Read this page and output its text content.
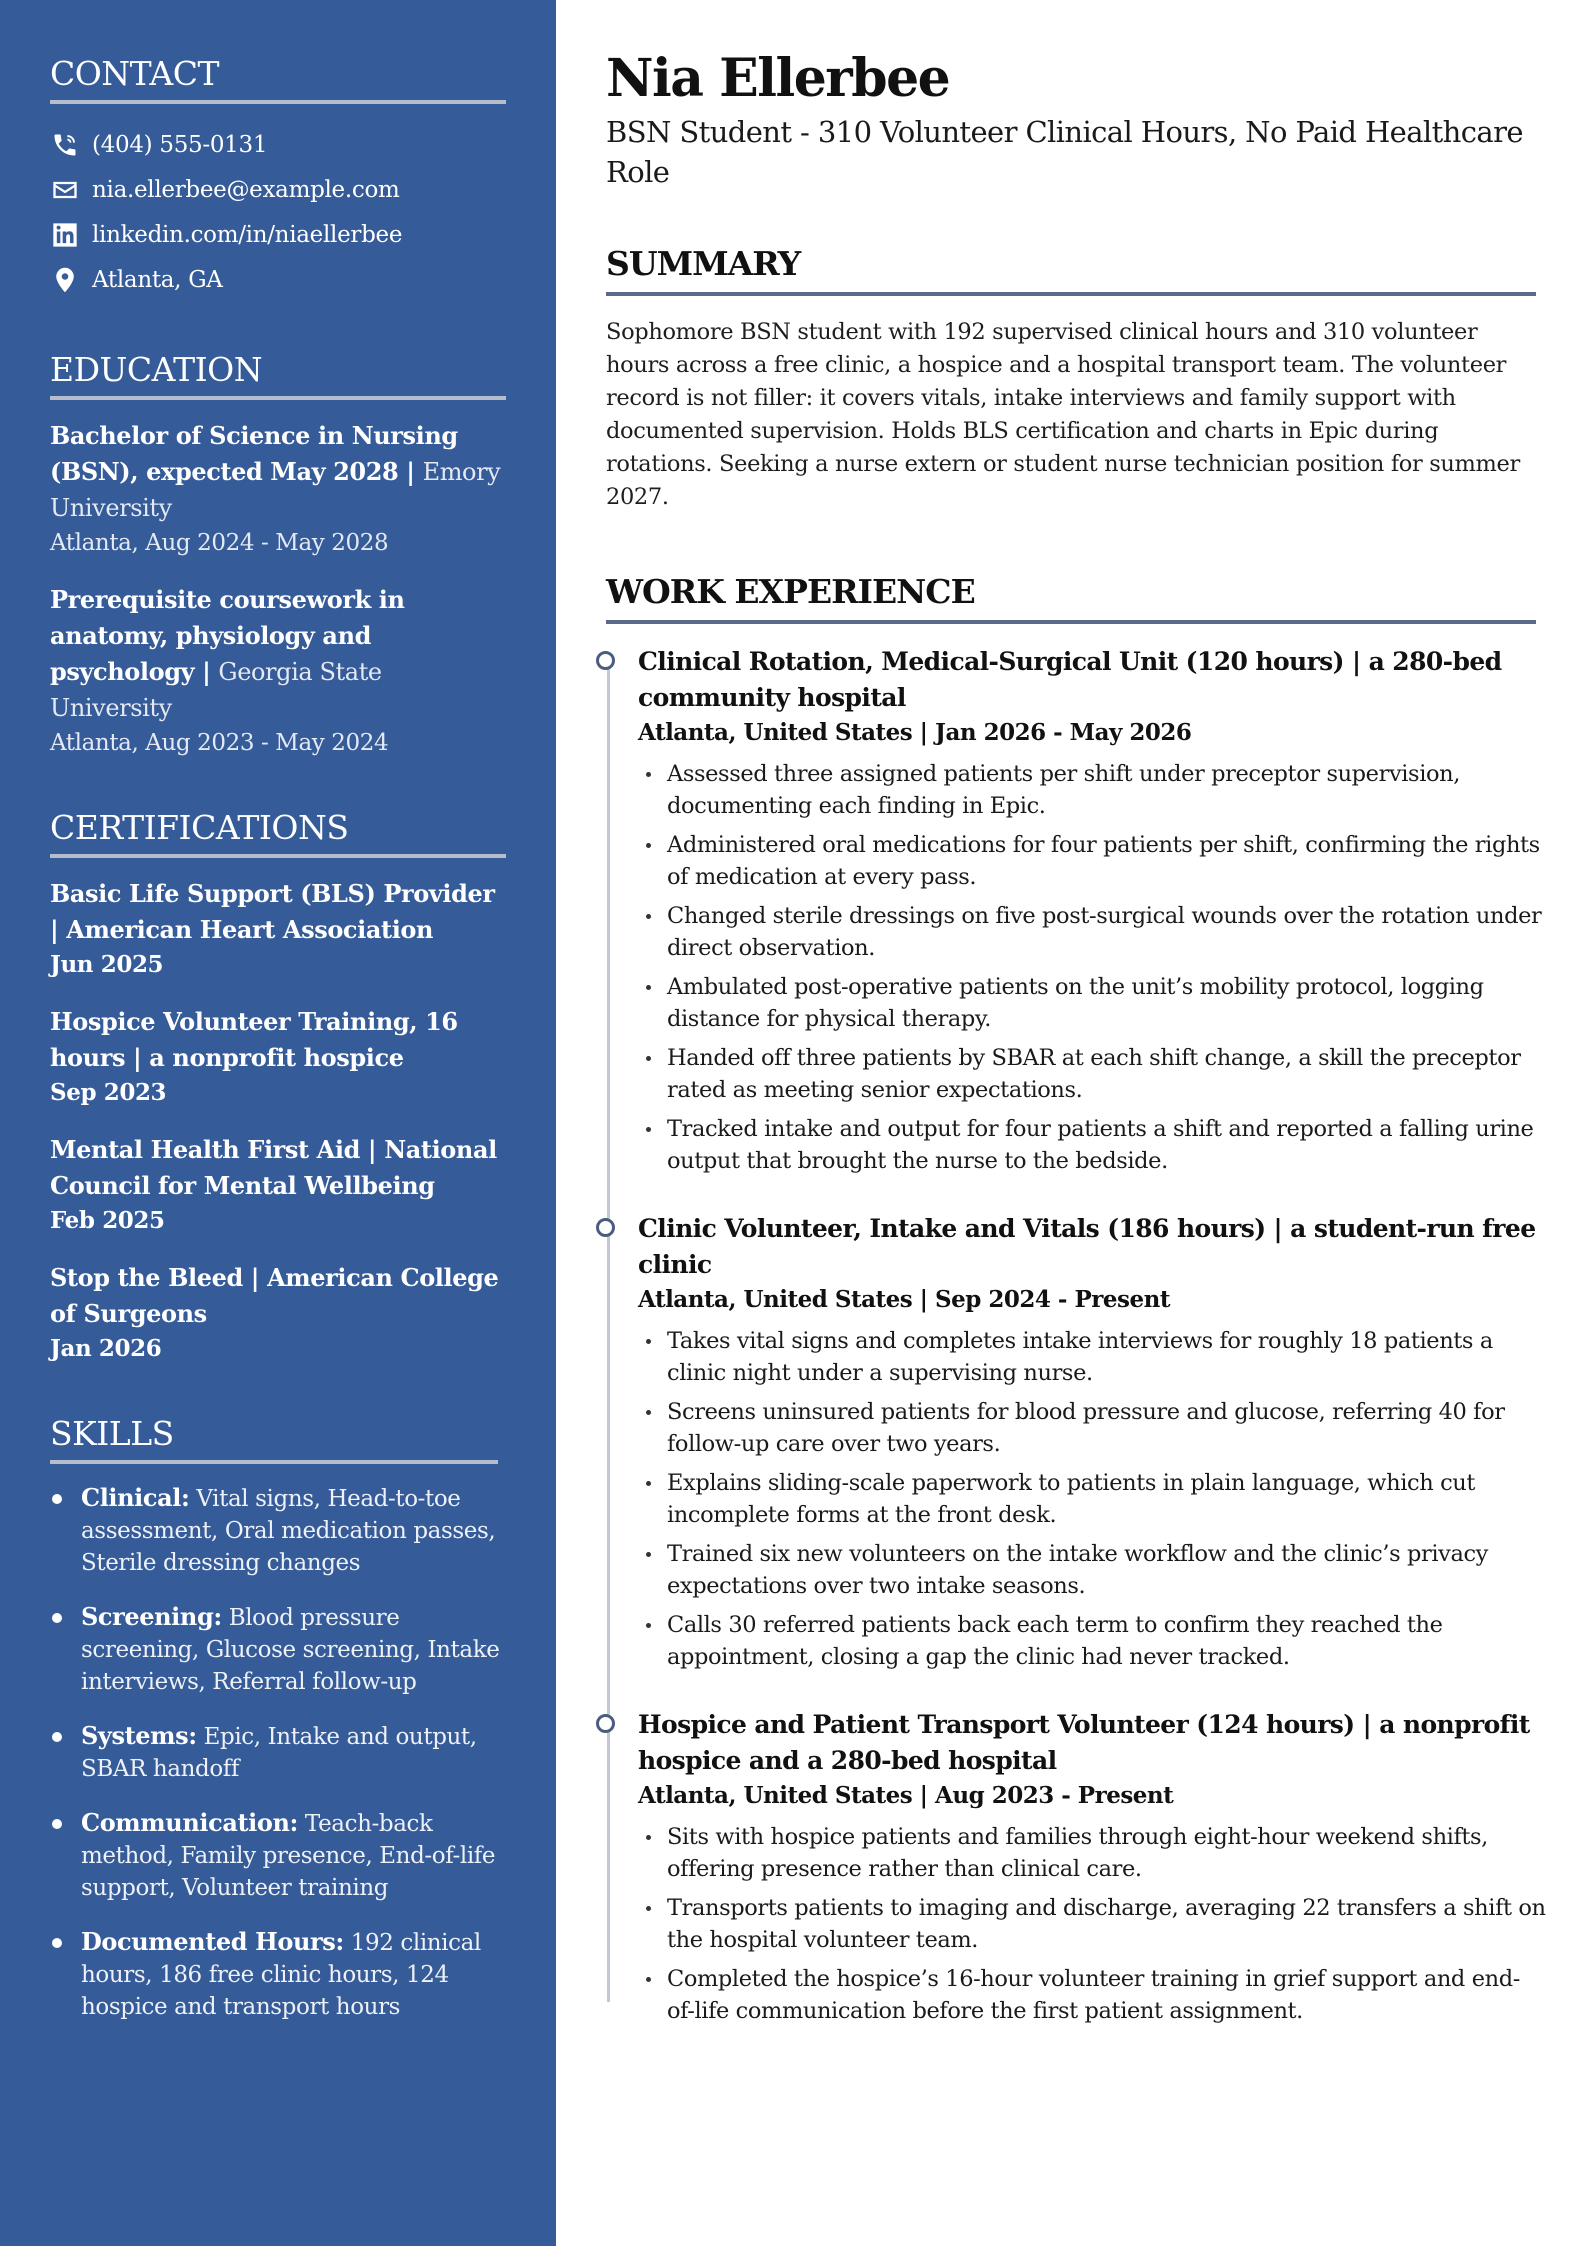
CONTACT
(404) 555-0131
nia.ellerbee@example.com
linkedin.com/in/niaellerbee
Atlanta, GA
EDUCATION
Bachelor of Science in Nursing (BSN), expected May 2028 | Emory University
Atlanta, Aug 2024 - May 2028
Prerequisite coursework in anatomy, physiology and psychology | Georgia State University
Atlanta, Aug 2023 - May 2024
CERTIFICATIONS
Basic Life Support (BLS) Provider | American Heart Association
Jun 2025
Hospice Volunteer Training, 16 hours | a nonprofit hospice
Sep 2023
Mental Health First Aid | National Council for Mental Wellbeing
Feb 2025
Stop the Bleed | American College of Surgeons
Jan 2026
SKILLS
Clinical: Vital signs, Head-to-toe assessment, Oral medication passes, Sterile dressing changes
Screening: Blood pressure screening, Glucose screening, Intake interviews, Referral follow-up
Systems: Epic, Intake and output, SBAR handoff
Communication: Teach-back method, Family presence, End-of-life support, Volunteer training
Documented Hours: 192 clinical hours, 186 free clinic hours, 124 hospice and transport hours
Nia Ellerbee
BSN Student - 310 Volunteer Clinical Hours, No Paid Healthcare Role
SUMMARY

Sophomore BSN student with 192 supervised clinical hours and 310 volunteer hours across a free clinic, a hospice and a hospital transport team. The volunteer record is not filler: it covers vitals, intake interviews and family support with documented supervision. Holds BLS certification and charts in Epic during rotations. Seeking a nurse extern or student nurse technician position for summer 2027.

WORK EXPERIENCE
Clinical Rotation, Medical-Surgical Unit (120 hours) | a 280-bed community hospital
Atlanta, United States | Jan 2026 - May 2026
Assessed three assigned patients per shift under preceptor supervision, documenting each finding in Epic.
Administered oral medications for four patients per shift, confirming the rights of medication at every pass.
Changed sterile dressings on five post-surgical wounds over the rotation under direct observation.
Ambulated post-operative patients on the unit’s mobility protocol, logging distance for physical therapy.
Handed off three patients by SBAR at each shift change, a skill the preceptor rated as meeting senior expectations.
Tracked intake and output for four patients a shift and reported a falling urine output that brought the nurse to the bedside.
Clinic Volunteer, Intake and Vitals (186 hours) | a student-run free clinic
Atlanta, United States | Sep 2024 - Present
Takes vital signs and completes intake interviews for roughly 18 patients a clinic night under a supervising nurse.
Screens uninsured patients for blood pressure and glucose, referring 40 for follow-up care over two years.
Explains sliding-scale paperwork to patients in plain language, which cut incomplete forms at the front desk.
Trained six new volunteers on the intake workflow and the clinic’s privacy expectations over two intake seasons.
Calls 30 referred patients back each term to confirm they reached the appointment, closing a gap the clinic had never tracked.
Hospice and Patient Transport Volunteer (124 hours) | a nonprofit hospice and a 280-bed hospital
Atlanta, United States | Aug 2023 - Present
Sits with hospice patients and families through eight-hour weekend shifts, offering presence rather than clinical care.
Transports patients to imaging and discharge, averaging 22 transfers a shift on the hospital volunteer team.
Completed the hospice’s 16-hour volunteer training in grief support and end-of-life communication before the first patient assignment.
